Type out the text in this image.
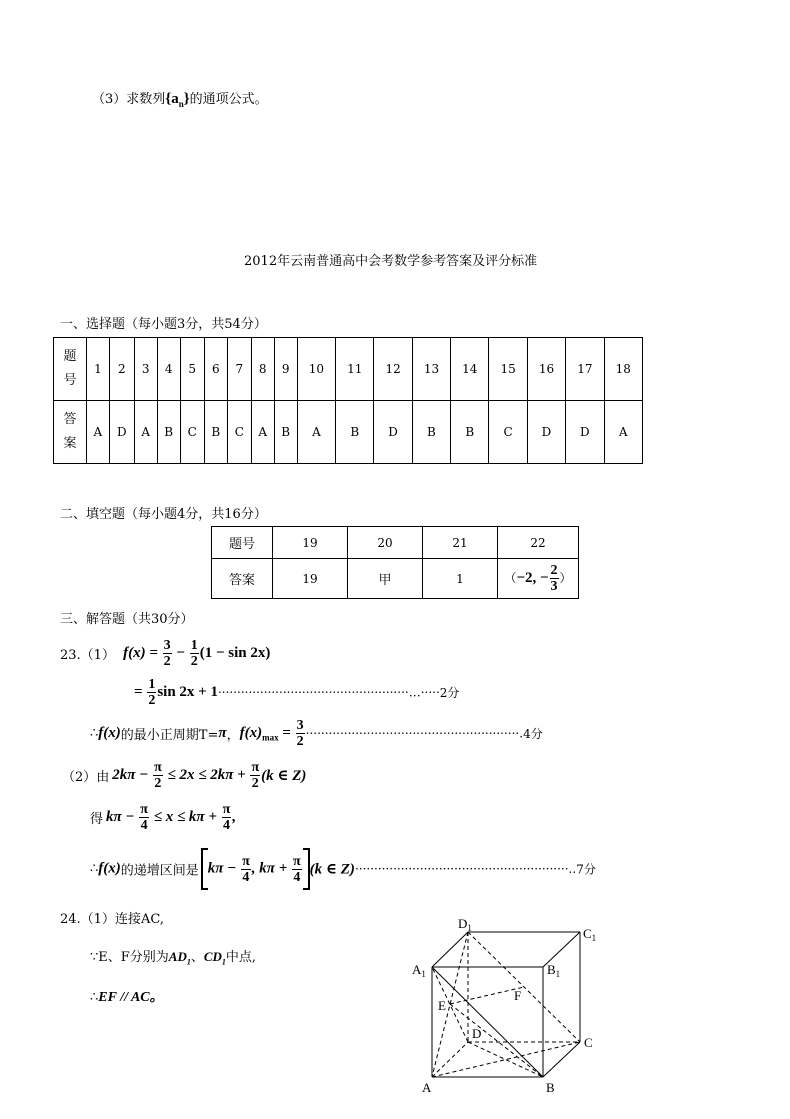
（3）求数列$\{a_n\}$的通项公式。
2012年云南普通高中会考数学参考答案及评分标准
一、选择题（每小题3分，共54分）
题
号	1	2	3	4	5	6	7	8	9	10	11	12	13	14	15	16	17	18
答
案	A	D	A	B	C	B	C	A	B	A	B	D	B	B	C	D	D	A
二、填空题（每小题4分，共16分）
题号	19	20	21	22
答案	19	甲	1	（−2, − $\frac{2}{3}$ ）
三、解答题（共30分）
23.（1） $f(x) = \frac{3}{2} - \frac{1}{2} (1 - \sin 2x)$
= $\frac{1}{2}$ sin 2x + 1··················································…·····2分
∴f(x)的最小正周期T=π，$f(x)_{max} = \frac{3}{2} \cdot\cdot\cdot\cdot\cdot\cdot\cdot\cdot\cdot\cdot\cdot\cdot\cdot\cdot\cdot\cdot\cdot\cdot\cdot\cdot\cdot\cdot\cdot\cdot\cdot\cdot\cdot\cdot\cdot\cdot\cdot\cdot\cdot\cdot\cdot\cdot\cdot\cdot\cdot\cdot\cdot\cdot\cdot\cdot\cdot\cdot\cdot\cdot\cdot\cdot\cdot\cdot\cdot\cdot\cdot\cdot.4$分
（2）由 $2k\pi - \frac{\pi}{2} \le 2x \le 2k\pi + \frac{\pi}{2} (k$ ∈ Z)
得 $k\pi - \frac{\pi}{4} \le x \le k\pi + \frac{\pi}{4}$ ,
∴f(x)的递增区间是 $k\pi - \frac{\pi}{4}$ , $k\pi + \frac{\pi}{4} (k$ ∈ Z)························································..7分
24.（1）连接AC,
∵E、F分别为$AD_1$、$CD_1$中点,
∴EF // AC。
$D_1$	$C_1$
$A_1$	$B_1$
E
F
D
C
A	B
